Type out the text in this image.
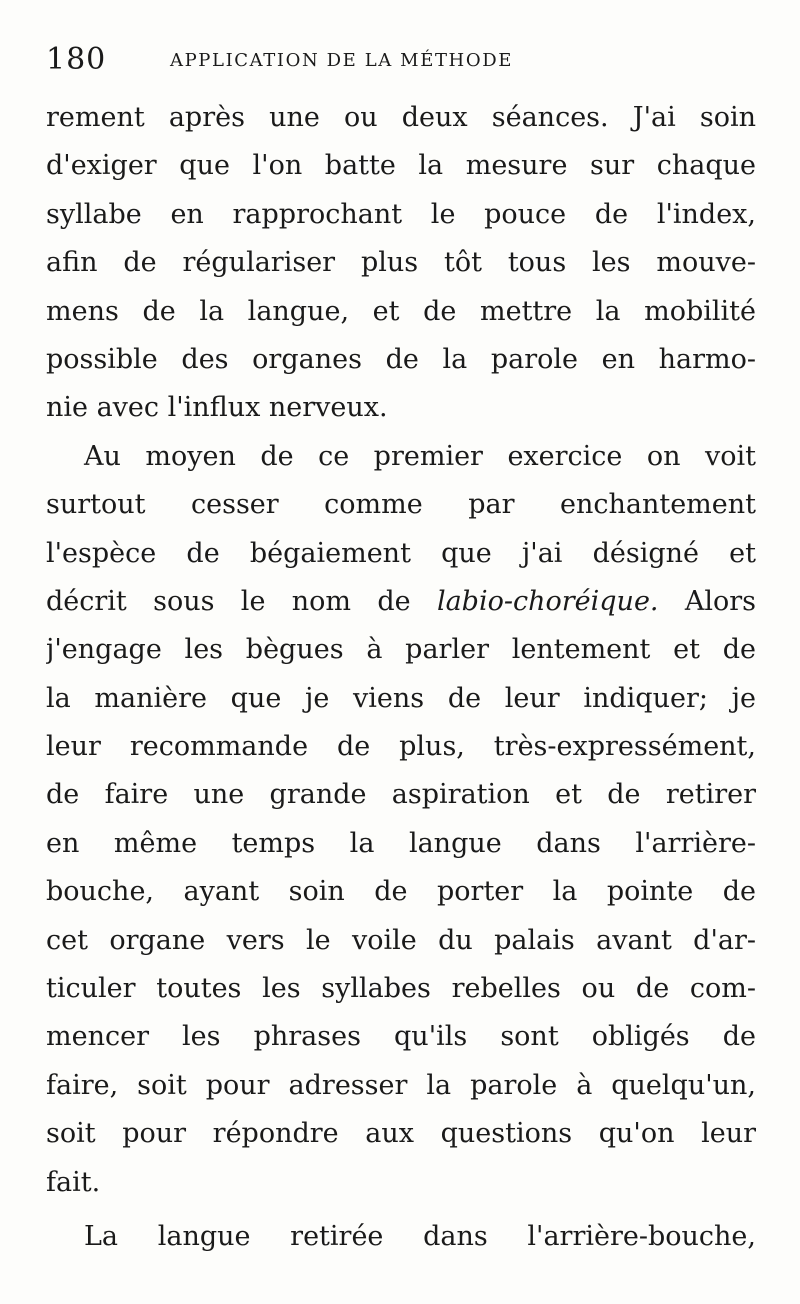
180	APPLICATION DE LA MÉTHODE
rement après une ou deux séances. J'ai soin
d'exiger que l'on batte la mesure sur chaque
syllabe en rapprochant le pouce de l'index,
afin de régulariser plus tôt tous les mouve-
mens de la langue, et de mettre la mobilité
possible des organes de la parole en harmo-
nie avec l'influx nerveux.
Au moyen de ce premier exercice on voit
surtout cesser comme par enchantement
l'espèce de bégaiement que j'ai désigné et
décrit sous le nom de labio-choréique. Alors
j'engage les bègues à parler lentement et de
la manière que je viens de leur indiquer; je
leur recommande de plus, très-expressément,
de faire une grande aspiration et de retirer
en même temps la langue dans l'arrière-
bouche, ayant soin de porter la pointe de
cet organe vers le voile du palais avant d'ar-
ticuler toutes les syllabes rebelles ou de com-
mencer les phrases qu'ils sont obligés de
faire, soit pour adresser la parole à quelqu'un,
soit pour répondre aux questions qu'on leur
fait.
La langue retirée dans l'arrière-bouche,
